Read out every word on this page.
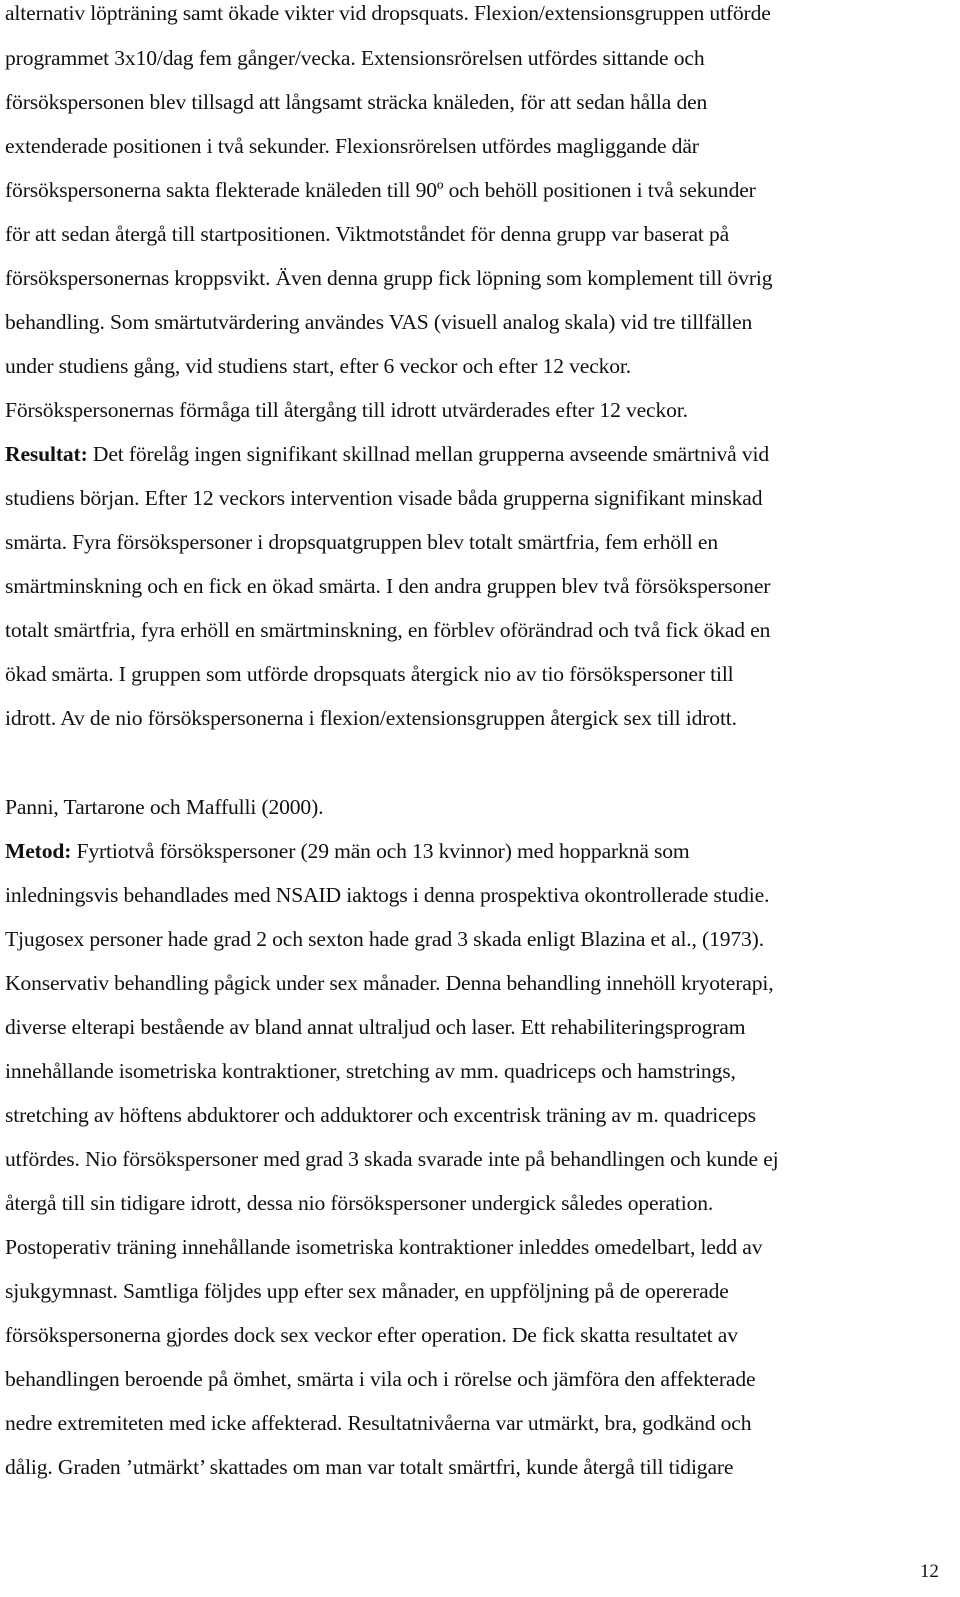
alternativ löpträning samt ökade vikter vid dropsquats. Flexion/extensionsgruppen utförde
programmet 3x10/dag fem gånger/vecka. Extensionsrörelsen utfördes sittande och
försökspersonen blev tillsagd att långsamt sträcka knäleden, för att sedan hålla den
extenderade positionen i två sekunder. Flexionsrörelsen utfördes magliggande där
försökspersonerna sakta flekterade knäleden till 90º och behöll positionen i två sekunder
för att sedan återgå till startpositionen. Viktmotståndet för denna grupp var baserat på
försökspersonernas kroppsvikt. Även denna grupp fick löpning som komplement till övrig
behandling. Som smärtutvärdering användes VAS (visuell analog skala) vid tre tillfällen
under studiens gång, vid studiens start, efter 6 veckor och efter 12 veckor.
Försökspersonernas förmåga till återgång till idrott utvärderades efter 12 veckor.
Resultat: Det förelåg ingen signifikant skillnad mellan grupperna avseende smärtnivå vid
studiens början. Efter 12 veckors intervention visade båda grupperna signifikant minskad
smärta. Fyra försökspersoner i dropsquatgruppen blev totalt smärtfria, fem erhöll en
smärtminskning och en fick en ökad smärta. I den andra gruppen blev två försökspersoner
totalt smärtfria, fyra erhöll en smärtminskning, en förblev oförändrad och två fick ökad en
ökad smärta. I gruppen som utförde dropsquats återgick nio av tio försökspersoner till
idrott. Av de nio försökspersonerna i flexion/extensionsgruppen återgick sex till idrott.
Panni, Tartarone och Maffulli (2000).
Metod: Fyrtiotvå försökspersoner (29 män och 13 kvinnor) med hopparknä som
inledningsvis behandlades med NSAID iaktogs i denna prospektiva okontrollerade studie.
Tjugosex personer hade grad 2 och sexton hade grad 3 skada enligt Blazina et al., (1973).
Konservativ behandling pågick under sex månader. Denna behandling innehöll kryoterapi,
diverse elterapi bestående av bland annat ultraljud och laser. Ett rehabiliteringsprogram
innehållande isometriska kontraktioner, stretching av mm. quadriceps och hamstrings,
stretching av höftens abduktorer och adduktorer och excentrisk träning av m. quadriceps
utfördes. Nio försökspersoner med grad 3 skada svarade inte på behandlingen och kunde ej
återgå till sin tidigare idrott, dessa nio försökspersoner undergick således operation.
Postoperativ träning innehållande isometriska kontraktioner inleddes omedelbart, ledd av
sjukgymnast. Samtliga följdes upp efter sex månader, en uppföljning på de opererade
försökspersonerna gjordes dock sex veckor efter operation. De fick skatta resultatet av
behandlingen beroende på ömhet, smärta i vila och i rörelse och jämföra den affekterade
nedre extremiteten med icke affekterad. Resultatnivåerna var utmärkt, bra, godkänd och
dålig. Graden ’utmärkt’ skattades om man var totalt smärtfri, kunde återgå till tidigare
12
